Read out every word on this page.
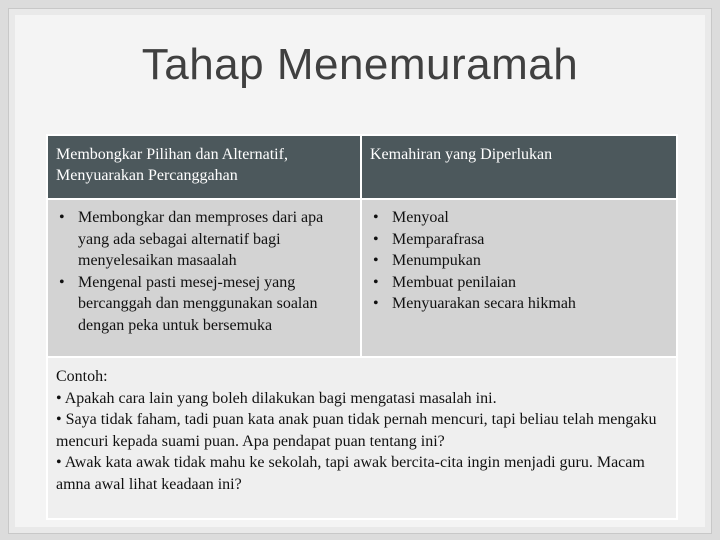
Tahap Menemuramah
Membongkar Pilihan dan Alternatif, Menyuarakan Percanggahan
Kemahiran yang Diperlukan
• Membongkar dan memproses dari apa yang ada sebagai alternatif bagi menyelesaikan masaalah
• Mengenal pasti mesej-mesej yang bercanggah dan menggunakan soalan dengan peka untuk bersemuka
• Menyoal
• Memparafrasa
• Menumpukan
• Membuat penilaian
• Menyuarakan secara hikmah

Contoh:

• Apakah cara lain yang boleh dilakukan bagi mengatasi masalah ini.

• Saya tidak faham, tadi puan kata anak puan tidak pernah mencuri, tapi beliau telah mengaku mencuri kepada suami puan. Apa pendapat puan tentang ini?

• Awak kata awak tidak mahu ke sekolah, tapi awak bercita-cita ingin menjadi guru. Macam amna awal lihat keadaan ini?
